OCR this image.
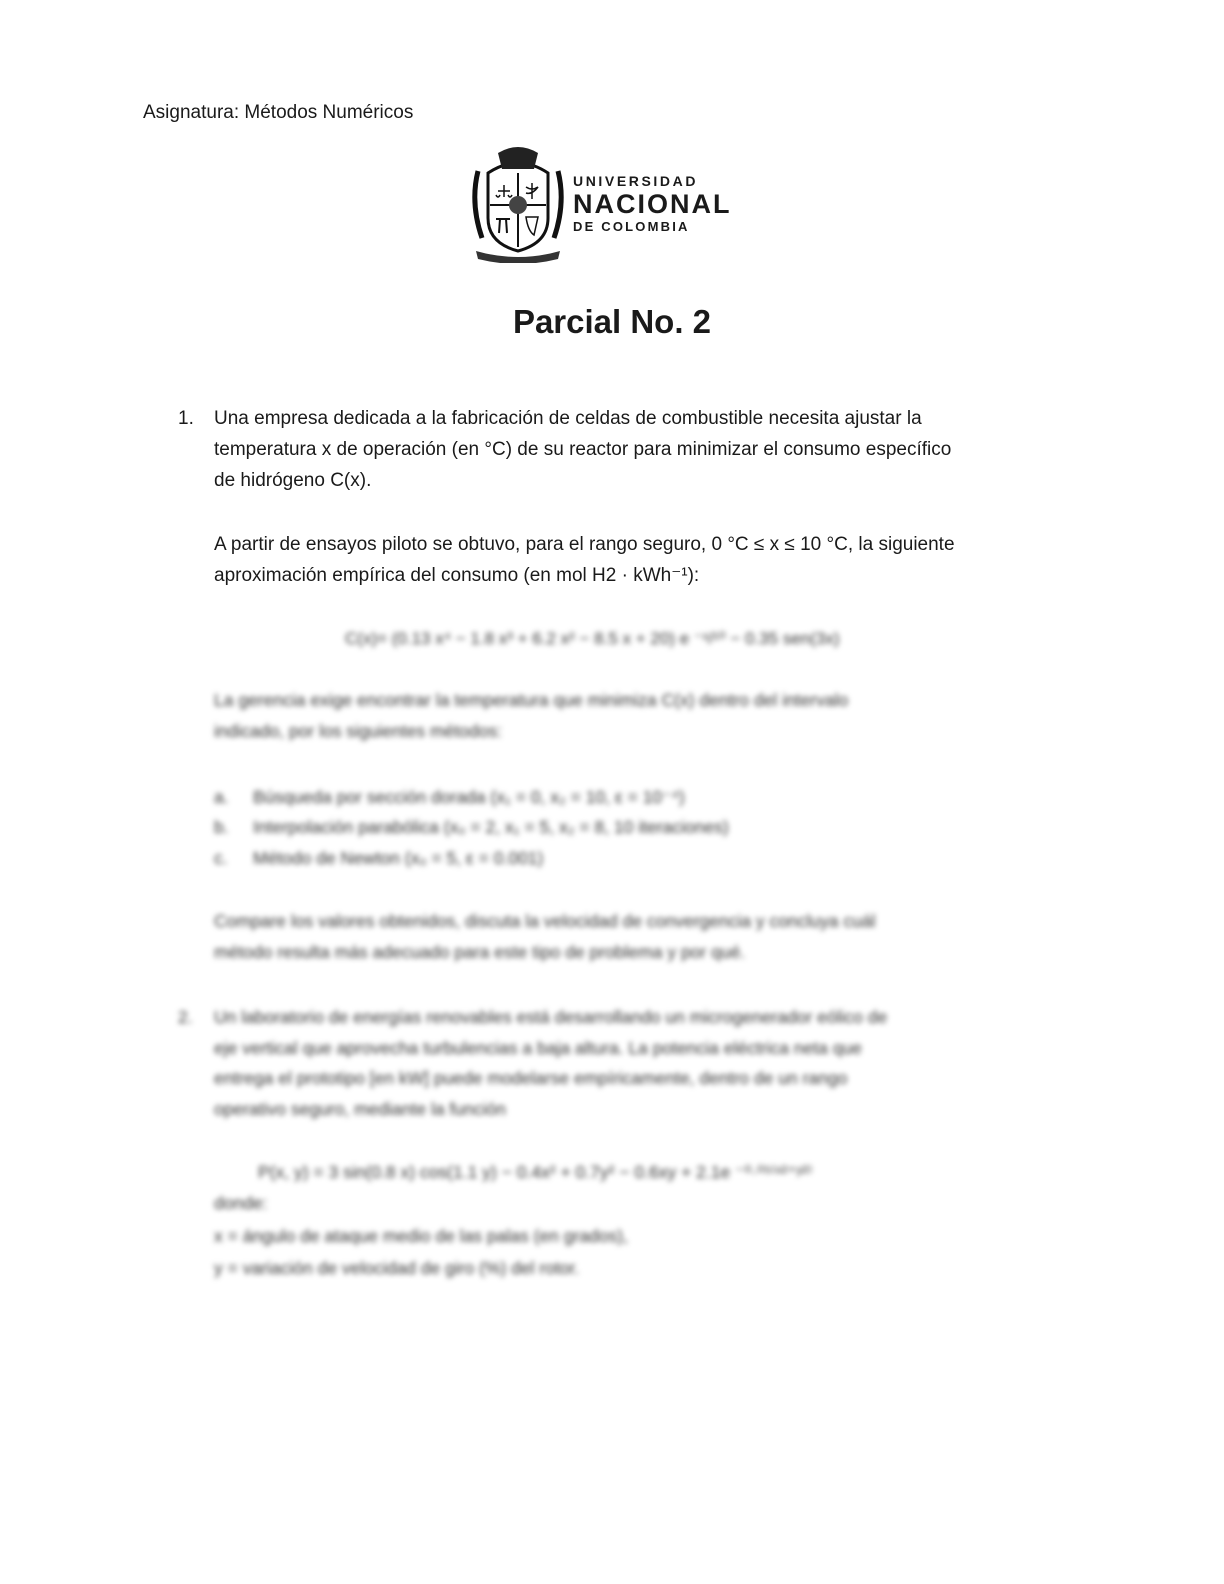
Asignatura: Métodos Numéricos
UNIVERSIDAD
NACIONAL
DE COLOMBIA
Parcial No. 2
1. Una empresa dedicada a la fabricación de celdas de combustible necesita ajustar la
temperatura x de operación (en °C) de su reactor para minimizar el consumo específico
de hidrógeno C(x).
A partir de ensayos piloto se obtuvo, para el rango seguro, 0 °C ≤ x ≤ 10 °C, la siguiente
aproximación empírica del consumo (en mol H2 · kWh⁻¹):
C(x)= (0.13 x⁴ − 1.8 x³ + 6.2 x² − 8.5 x + 20) e ⁻ˣ/¹⁰ − 0.35 sen(3x)
La gerencia exige encontrar la temperatura que minimiza C(x) dentro del intervalo
indicado, por los siguientes métodos:
a. Búsqueda por sección dorada (x₁ = 0, x₂ = 10, ε = 10⁻⁴)
b. Interpolación parabólica (x₀ = 2, x₁ = 5, x₂ = 8, 10 iteraciones)
c. Método de Newton (x₀ = 5, ε = 0.001)
Compare los valores obtenidos, discuta la velocidad de convergencia y concluya cuál
método resulta más adecuado para este tipo de problema y por qué.
2. Un laboratorio de energías renovables está desarrollando un microgenerador eólico de
eje vertical que aprovecha turbulencias a baja altura. La potencia eléctrica neta que
entrega el prototipo [en kW] puede modelarse empíricamente, dentro de un rango
operativo seguro, mediante la función
P(x, y) = 3 sin(0.8 x) cos(1.1 y) − 0.4x² + 0.7y² − 0.6xy + 2.1e ⁻⁰·⁰⁵⁽ˣ²⁺ʸ²⁾
donde:
x = ángulo de ataque medio de las palas (en grados),
y = variación de velocidad de giro (%) del rotor.
